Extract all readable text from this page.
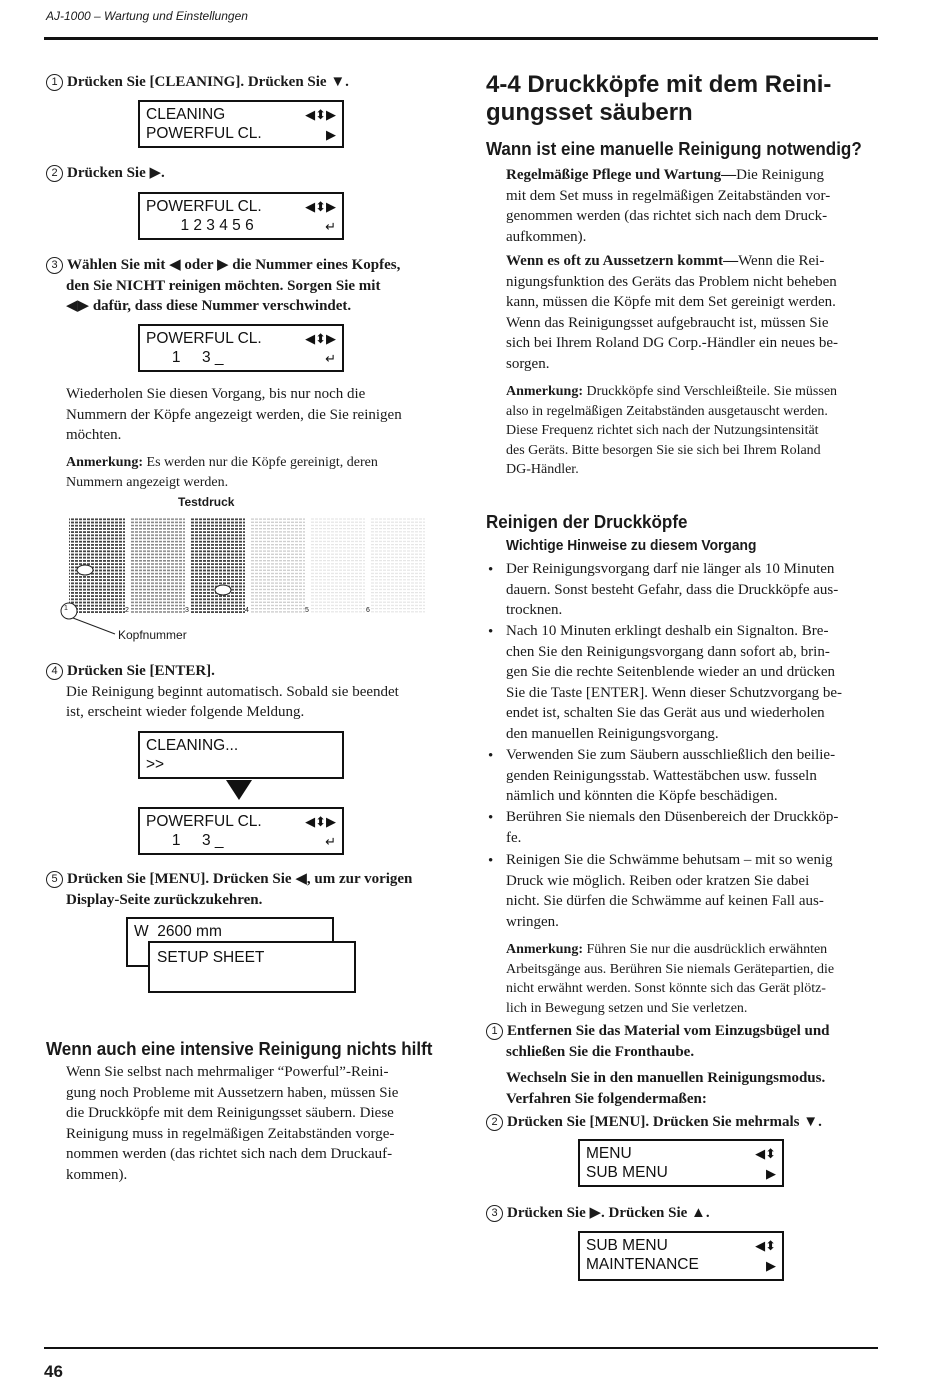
AJ-1000 – Wartung und Einstellungen
46
1 Drücken Sie [CLEANING]. Drücken Sie ▼.
CLEANING
POWERFUL CL.
◀⬍▶
▶
2 Drücken Sie ▶.
POWERFUL CL.
1 2 3 4 5 6
◀⬍▶
↵
3 Wählen Sie mit ◀ oder ▶ die Nummer eines Kopfes,
den Sie NICHT reinigen möchten. Sorgen Sie mit
◀▶ dafür, dass diese Nummer verschwindet.
POWERFUL CL.
1     3 _
◀⬍▶
↵
Wiederholen Sie diesen Vorgang, bis nur noch die
Nummern der Köpfe angezeigt werden, die Sie reinigen
möchten.
Anmerkung: Es werden nur die Köpfe gereinigt, deren
Nummern angezeigt werden.
Testdruck
1	2	3	4	5	6
Kopfnummer
4 Drücken Sie [ENTER].
Die Reinigung beginnt automatisch. Sobald sie beendet
ist, erscheint wieder folgende Meldung.
CLEANING...
>>
POWERFUL CL.
1     3 _
◀⬍▶
↵
5 Drücken Sie [MENU]. Drücken Sie ◀, um zur vorigen
Display-Seite zurückzukehren.
W  2600 mm
SETUP SHEET
Wenn auch eine intensive Reinigung nichts hilft
Wenn Sie selbst nach mehrmaliger “Powerful”-Reini-
gung noch Probleme mit Aussetzern haben, müssen Sie
die Druckköpfe mit dem Reinigungsset säubern. Diese
Reinigung muss in regelmäßigen Zeitabständen vorge-
nommen werden (das richtet sich nach dem Druckauf-
kommen).
4-4 Druckköpfe mit dem Reini-
gungsset säubern
Wann ist eine manuelle Reinigung notwendig?
Regelmäßige Pflege und Wartung—Die Reinigung
mit dem Set muss in regelmäßigen Zeitabständen vor-
genommen werden (das richtet sich nach dem Druck-
aufkommen).
Wenn es oft zu Aussetzern kommt—Wenn die Rei-
nigungsfunktion des Geräts das Problem nicht beheben
kann, müssen die Köpfe mit dem Set gereinigt werden.
Wenn das Reinigungsset aufgebraucht ist, müssen Sie
sich bei Ihrem Roland DG Corp.-Händler ein neues be-
sorgen.
Anmerkung: Druckköpfe sind Verschleißteile. Sie müssen
also in regelmäßigen Zeitabständen ausgetauscht werden.
Diese Frequenz richtet sich nach der Nutzungsintensität
des Geräts. Bitte besorgen Sie sie sich bei Ihrem Roland
DG-Händler.
Reinigen der Druckköpfe
Wichtige Hinweise zu diesem Vorgang
• Der Reinigungsvorgang darf nie länger als 10 Minuten
dauern. Sonst besteht Gefahr, dass die Druckköpfe aus-
trocknen.
• Nach 10 Minuten erklingt deshalb ein Signalton. Bre-
chen Sie den Reinigungsvorgang dann sofort ab, brin-
gen Sie die rechte Seitenblende wieder an und drücken
Sie die Taste [ENTER]. Wenn dieser Schutzvorgang be-
endet ist, schalten Sie das Gerät aus und wiederholen
den manuellen Reinigungsvorgang.
• Verwenden Sie zum Säubern ausschließlich den beilie-
genden Reinigungsstab. Wattestäbchen usw. fusseln
nämlich und könnten die Köpfe beschädigen.
• Berühren Sie niemals den Düsenbereich der Druckköp-
fe.
• Reinigen Sie die Schwämme behutsam – mit so wenig
Druck wie möglich. Reiben oder kratzen Sie dabei
nicht. Sie dürfen die Schwämme auf keinen Fall aus-
wringen.
Anmerkung: Führen Sie nur die ausdrücklich erwähnten
Arbeitsgänge aus. Berühren Sie niemals Gerätepartien, die
nicht erwähnt werden. Sonst könnte sich das Gerät plötz-
lich in Bewegung setzen und Sie verletzen.
1 Entfernen Sie das Material vom Einzugsbügel und
schließen Sie die Fronthaube.
Wechseln Sie in den manuellen Reinigungsmodus.
Verfahren Sie folgendermaßen:
2 Drücken Sie [MENU]. Drücken Sie mehrmals ▼.
MENU
SUB MENU
◀⬍
▶
3 Drücken Sie ▶. Drücken Sie ▲.
SUB MENU
MAINTENANCE
◀⬍
▶
